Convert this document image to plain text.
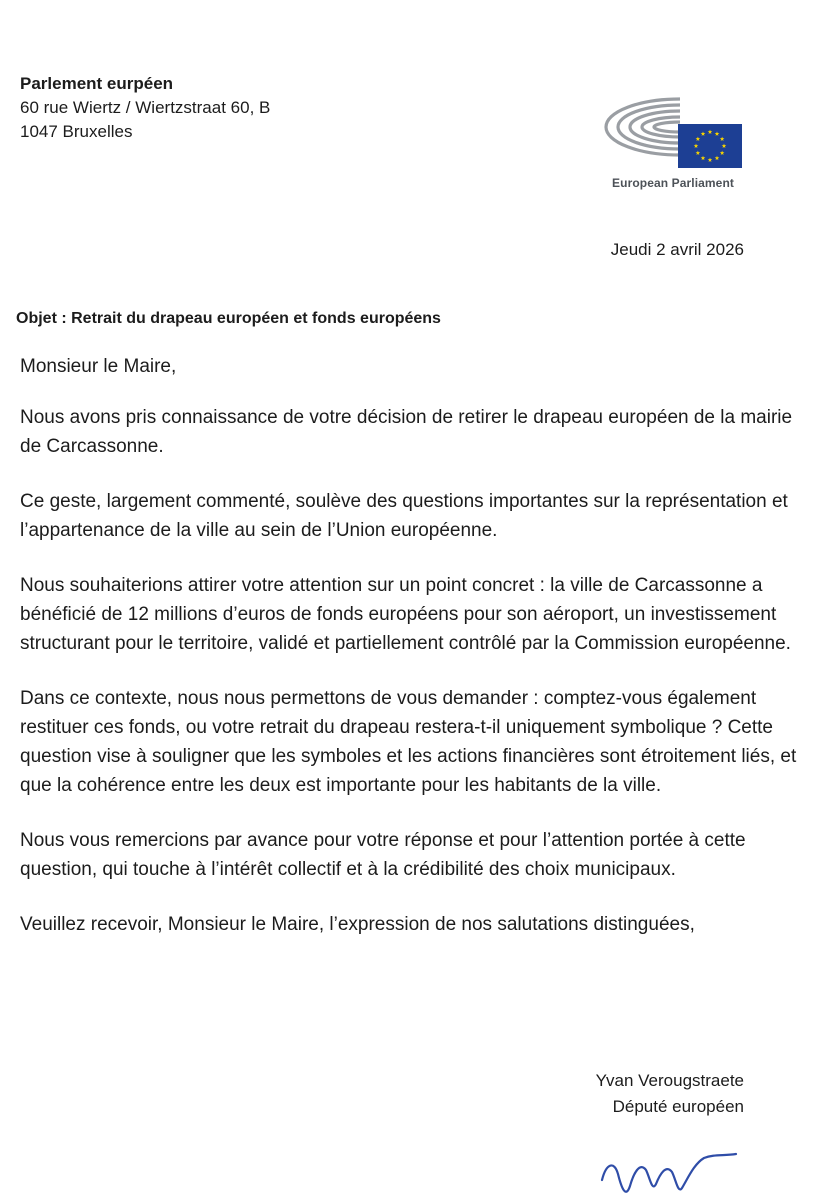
Parlement eurpéen
60 rue Wiertz / Wiertzstraat 60, B
1047 Bruxelles
European Parliament
Jeudi 2 avril 2026
Objet : Retrait du drapeau européen et fonds européens

Monsieur le Maire,

Nous avons pris connaissance de votre décision de retirer le drapeau européen de la mairie de Carcassonne.

Ce geste, largement commenté, soulève des questions importantes sur la représentation et l’appartenance de la ville au sein de l’Union européenne.

Nous souhaiterions attirer votre attention sur un point concret : la ville de Carcassonne a bénéficié de 12 millions d’euros de fonds européens pour son aéroport, un investissement structurant pour le territoire, validé et partiellement contrôlé par la Commission européenne.

Dans ce contexte, nous nous permettons de vous demander : comptez-vous également restituer ces fonds, ou votre retrait du drapeau restera-t-il uniquement symbolique ? Cette question vise à souligner que les symboles et les actions financières sont étroitement liés, et que la cohérence entre les deux est importante pour les habitants de la ville.

Nous vous remercions par avance pour votre réponse et pour l’attention portée à cette question, qui touche à l’intérêt collectif et à la crédibilité des choix municipaux.

Veuillez recevoir, Monsieur le Maire, l’expression de nos salutations distinguées,

Yvan Verougstraete
Député européen
